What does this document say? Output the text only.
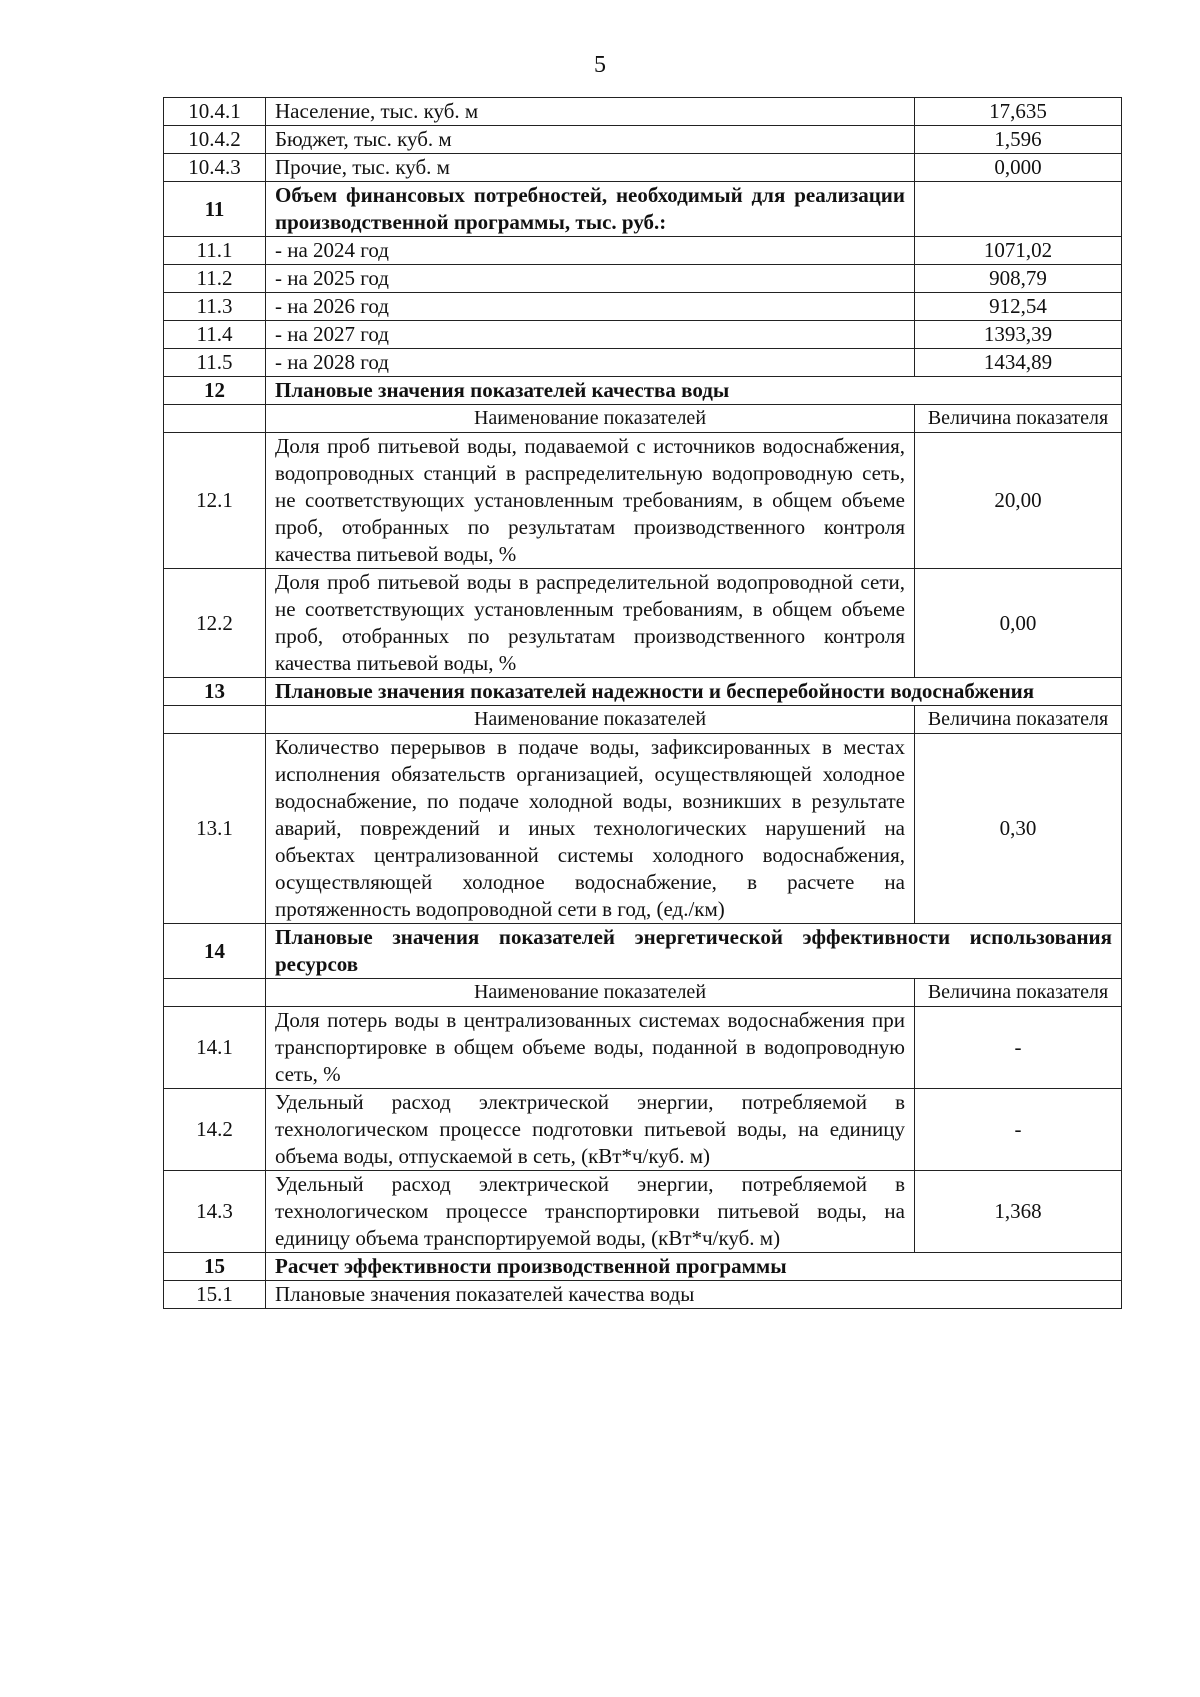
5
10.4.1	Население, тыс. куб. м	17,635
10.4.2	Бюджет, тыс. куб. м	1,596
10.4.3	Прочие, тыс. куб. м	0,000
11	Объем финансовых потребностей, необходимый для реализации производственной программы, тыс. руб.:	
11.1	- на 2024 год	1071,02
11.2	- на 2025 год	908,79
11.3	- на 2026 год	912,54
11.4	- на 2027 год	1393,39
11.5	- на 2028 год	1434,89
12	Плановые значения показателей качества воды	
	Наименование показателей	Величина показателя
12.1	Доля проб питьевой воды, подаваемой с источников водоснабжения, водопроводных станций в распределительную водопроводную сеть, не соответствующих установленным требованиям, в общем объеме проб, отобранных по результатам производственного контроля качества питьевой воды, %	20,00
12.2	Доля проб питьевой воды в распределительной водопроводной сети, не соответствующих установленным требованиям, в общем объеме проб, отобранных по результатам производственного контроля качества питьевой воды, %	0,00
13	Плановые значения показателей надежности и бесперебойности водоснабжения	
	Наименование показателей	Величина показателя
13.1	Количество перерывов в подаче воды, зафиксированных в местах исполнения обязательств организацией, осуществляющей холодное водоснабжение, по подаче холодной воды, возникших в результате аварий, повреждений и иных технологических нарушений на объектах централизованной системы холодного водоснабжения, осуществляющей холодное водоснабжение, в расчете на протяженность водопроводной сети в год, (ед./км)	0,30
14	Плановые значения показателей энергетической эффективности использования ресурсов	
	Наименование показателей	Величина показателя
14.1	Доля потерь воды в централизованных системах водоснабжения при транспортировке в общем объеме воды, поданной в водопроводную сеть, %	-
14.2	Удельный расход электрической энергии, потребляемой в технологическом процессе подготовки питьевой воды, на единицу объема воды, отпускаемой в сеть, (кВт*ч/куб. м)	-
14.3	Удельный расход электрической энергии, потребляемой в технологическом процессе транспортировки питьевой воды, на единицу объема транспортируемой воды, (кВт*ч/куб. м)	1,368
15	Расчет эффективности производственной программы	
15.1	Плановые значения показателей качества воды	
